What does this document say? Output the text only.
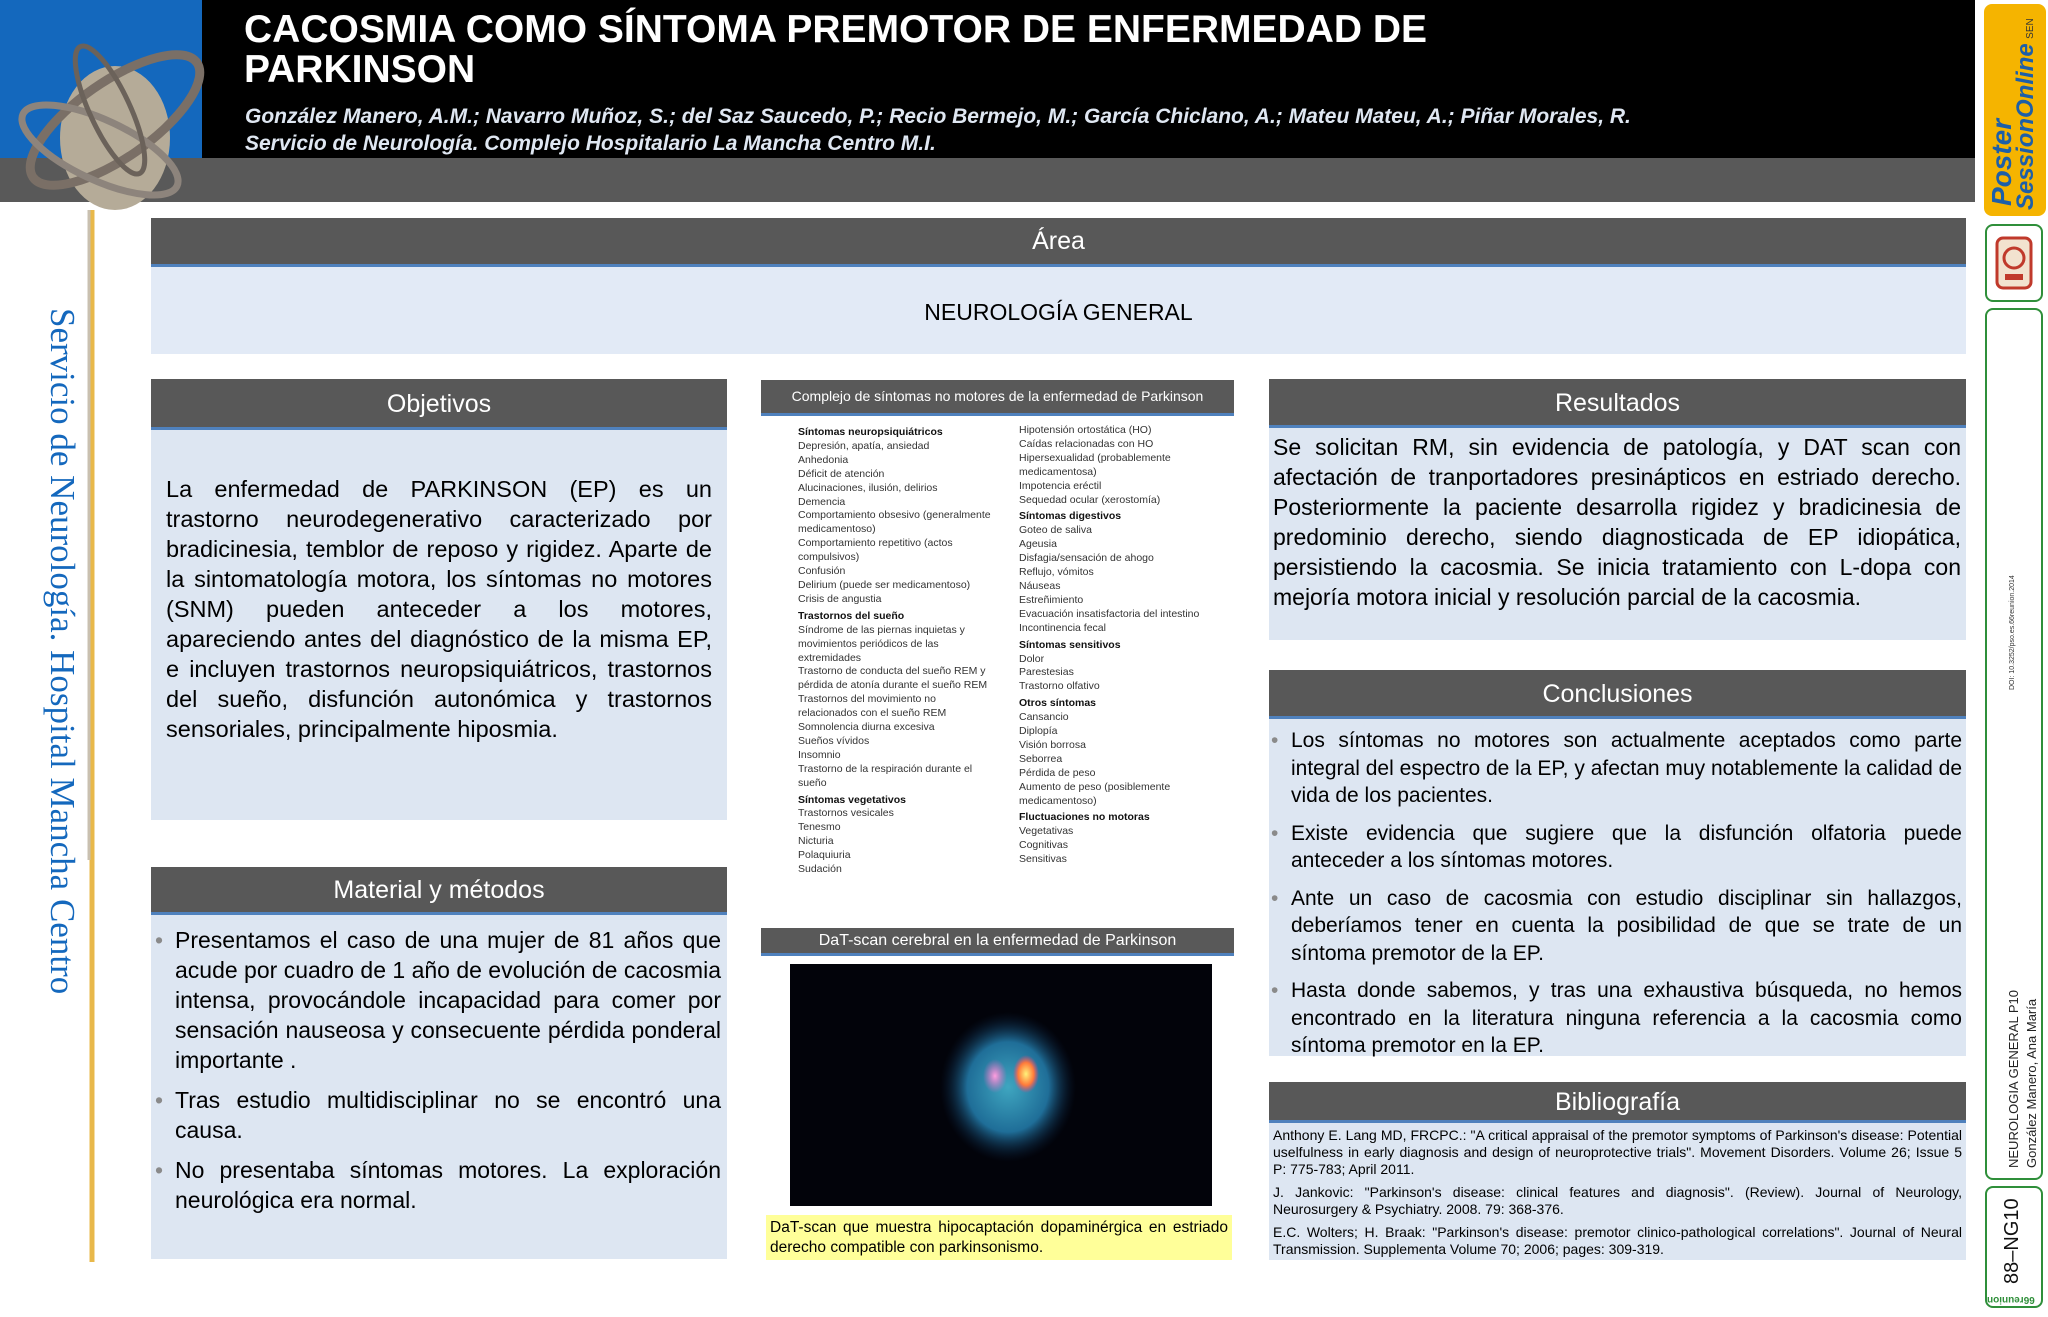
CACOSMIA COMO SÍNTOMA PREMOTOR DE ENFERMEDAD DE PARKINSON
González Manero, A.M.; Navarro Muñoz, S.; del Saz Saucedo, P.; Recio Bermejo, M.; García Chiclano, A.; Mateu Mateu, A.; Piñar Morales, R.
Servicio de Neurología. Complejo Hospitalario La Mancha Centro M.I.
Servicio de Neurología. Hospital Mancha Centro
Área
NEUROLOGÍA GENERAL
Objetivos

La enfermedad de PARKINSON (EP) es un trastorno neurodegenerativo caracterizado por bradicinesia, temblor de reposo y rigidez. Aparte de la sintomatología motora, los síntomas no motores (SNM) pueden anteceder a los motores, apareciendo antes del diagnóstico de la misma EP, e incluyen trastornos neuropsiquiátricos, trastornos del sueño, disfunción autonómica y trastornos sensoriales, principalmente hiposmia.

Material y métodos
• Presentamos el caso de una mujer de 81 años que acude por cuadro de 1 año de evolución de cacosmia intensa, provocándole incapacidad para comer por sensación nauseosa y consecuente pérdida ponderal importante .
• Tras estudio multidisciplinar no se encontró una causa.
• No presentaba síntomas motores. La exploración neurológica era normal.
Complejo de síntomas no motores de la enfermedad de Parkinson
Síntomas neuropsiquiátricos
Depresión, apatía, ansiedad
Anhedonia
Déficit de atención
Alucinaciones, ilusión, delirios
Demencia
Comportamiento obsesivo (generalmente
medicamentoso)
Comportamiento repetitivo (actos
compulsivos)
Confusión
Delirium (puede ser medicamentoso)
Crisis de angustia
Trastornos del sueño
Síndrome de las piernas inquietas y
movimientos periódicos de las
extremidades
Trastorno de conducta del sueño REM y
pérdida de atonía durante el sueño REM
Trastornos del movimiento no
relacionados con el sueño REM
Somnolencia diurna excesiva
Sueños vívidos
Insomnio
Trastorno de la respiración durante el
sueño
Síntomas vegetativos
Trastornos vesicales
Tenesmo
Nicturia
Polaquiuria
Sudación
Hipotensión ortostática (HO)
Caídas relacionadas con HO
Hipersexualidad (probablemente
medicamentosa)
Impotencia eréctil
Sequedad ocular (xerostomía)
Síntomas digestivos
Goteo de saliva
Ageusia
Disfagia/sensación de ahogo
Reflujo, vómitos
Náuseas
Estreñimiento
Evacuación insatisfactoria del intestino
Incontinencia fecal
Síntomas sensitivos
Dolor
Parestesias
Trastorno olfativo
Otros síntomas
Cansancio
Diplopía
Visión borrosa
Seborrea
Pérdida de peso
Aumento de peso (posiblemente
medicamentoso)
Fluctuaciones no motoras
Vegetativas
Cognitivas
Sensitivas
DaT-scan cerebral en la enfermedad de Parkinson
DaT-scan que muestra hipocaptación dopaminérgica en estriado derecho compatible con parkinsonismo.
Resultados

Se solicitan RM, sin evidencia de patología, y DAT scan con afectación de tranportadores presinápticos en estriado derecho. Posteriormente la paciente desarrolla rigidez y bradicinesia de predominio derecho, siendo diagnosticada de EP idiopática, persistiendo la cacosmia. Se inicia tratamiento con L-dopa con mejoría motora inicial y resolución parcial de la cacosmia.

Conclusiones
• Los síntomas no motores son actualmente aceptados como parte integral del espectro de la EP, y afectan muy notablemente la calidad de vida de los pacientes.
• Existe evidencia que sugiere que la disfunción olfatoria puede anteceder a los síntomas motores.
• Ante un caso de cacosmia con estudio disciplinar sin hallazgos, deberíamos tener en cuenta la posibilidad de que se trate de un síntoma premotor de la EP.
• Hasta donde sabemos, y tras una exhaustiva búsqueda, no hemos encontrado en la literatura ninguna referencia a la cacosmia como síntoma premotor en la EP.
Bibliografía

Anthony E. Lang MD, FRCPC.: "A critical appraisal of the premotor symptoms of Parkinson's disease: Potential uselfulness in early diagnosis and design of neuroprotective trials". Movement Disorders. Volume 26; Issue 5 P: 775-783; April 2011.

J. Jankovic: "Parkinson's disease: clinical features and diagnosis". (Review). Journal of Neurology, Neurosurgery & Psychiatry. 2008. 79: 368-376.

E.C. Wolters; H. Braak: "Parkinson's disease: premotor clinico-pathological correlations". Journal of Neural Transmission. Supplementa Volume 70; 2006; pages: 309-319.

Poster
SessionOnline SEN
DOI: 10.3252/pso.es.66reunion.2014
NEUROLOGIA GENERAL P10 González Manero, Ana María
88–NG10
66reunion
